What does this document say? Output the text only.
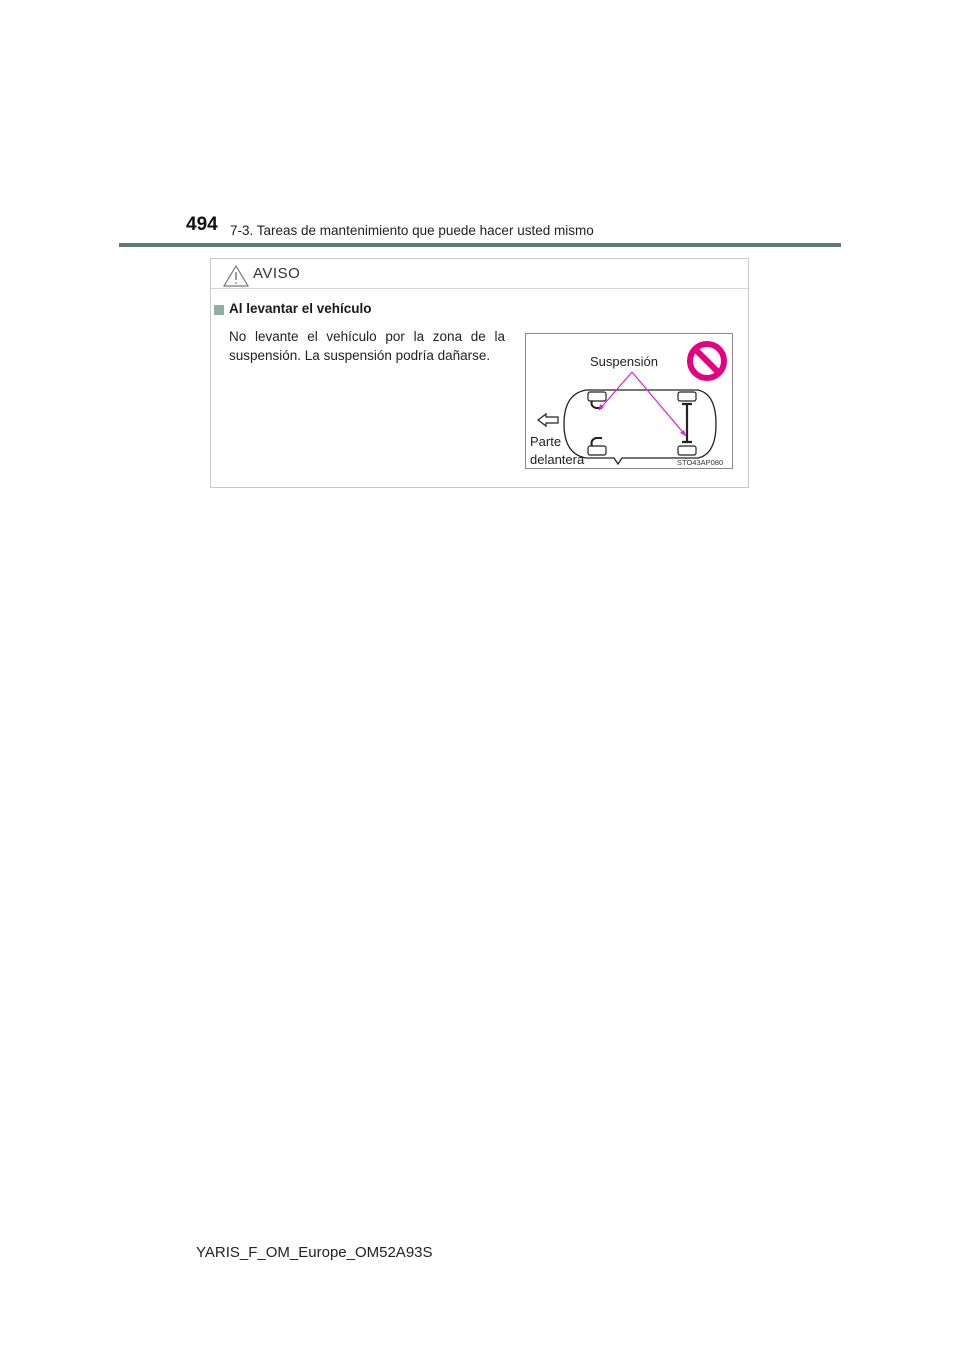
494 7-3. Tareas de mantenimiento que puede hacer usted mismo
AVISO
Al levantar el vehículo
No levante el vehículo por la zona de la suspensión. La suspensión podría dañarse.	Suspensión
Parte
delantera	STO43AP080
YARIS_F_OM_Europe_OM52A93S
